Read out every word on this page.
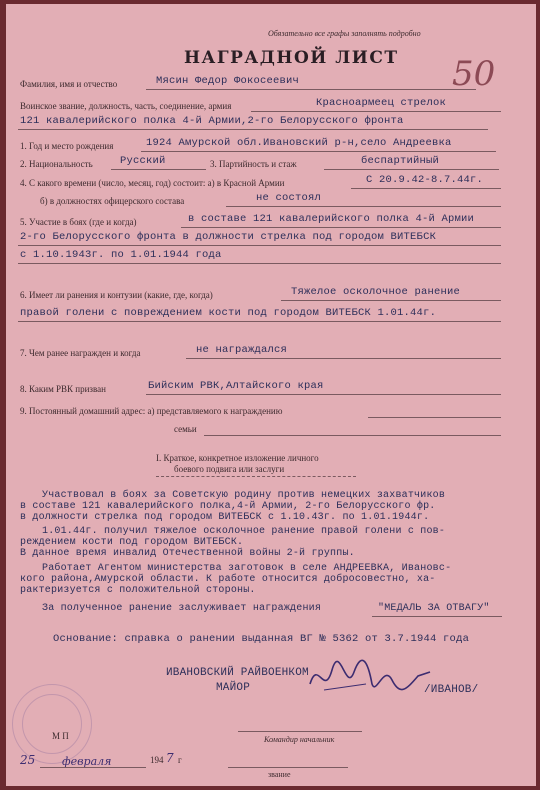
Обязательно все графы заполнять подробно
50
НАГРАДНОЙ ЛИСТ
Фамилия, имя и отчество	Мясин Федор Фокосеевич
Воинское звание, должность, часть, соединение, армия	Красноармеец стрелок
121 кавалерийского полка 4-й Армии,2-го Белорусского фронта
1. Год и место рождения	1924 Амурской обл.Ивановский р-н,село Андреевка
2. Национальность	Русский	3. Партийность и стаж	беспартийный
4. С какого времени (число, месяц, год) состоит: а) в Красной Армии	С 20.9.42-8.7.44г.
б) в должностях офицерского состава	не состоял
5. Участие в боях (где и когда)	в составе 121 кавалерийского полка 4-й Армии
2-го Белорусского фронта в должности стрелка под городом ВИТЕБСК
с 1.10.1943г. по 1.01.1944 года
6. Имеет ли ранения и контузии (какие, где, когда)	Тяжелое осколочное ранение
правой голени с повреждением кости под городом ВИТЕБСК 1.01.44г.
7. Чем ранее награжден и когда	не награждался
8. Каким РВК призван	Бийским РВК,Алтайского края
9. Постоянный домашний адрес: а) представляемого к награждению
семьи
I. Краткое, конкретное изложение личного
боевого подвига или заслуги
Участвовал в боях за Советскую родину против немецких захватчиков
в составе 121 кавалерийского полка,4-й Армии, 2-го Белорусского фр.
в должности стрелка под городом ВИТЕБСК с 1.10.43г. по 1.01.1944г.
1.01.44г. получил тяжелое осколочное ранение правой голени с пов-
реждением кости под городом ВИТЕБСК.
В данное время инвалид Отечественной войны 2-й группы.
Работает Агентом министерства заготовок в селе АНДРЕЕВКА, Ивановс-
кого района,Амурской области. К работе относится добросовестно, ха-
рактеризуется с положительной стороны.
За полученное ранение заслуживает награждения	"МЕДАЛЬ ЗА ОТВАГУ"
Основание: справка о ранении выданная ВГ № 5362 от 3.7.1944 года
ИВАНОВСКИЙ РАЙВОЕНКОМ
МАЙОР	/ИВАНОВ/
М П	Командир начальник
25 февраля	194 7 г
звание
